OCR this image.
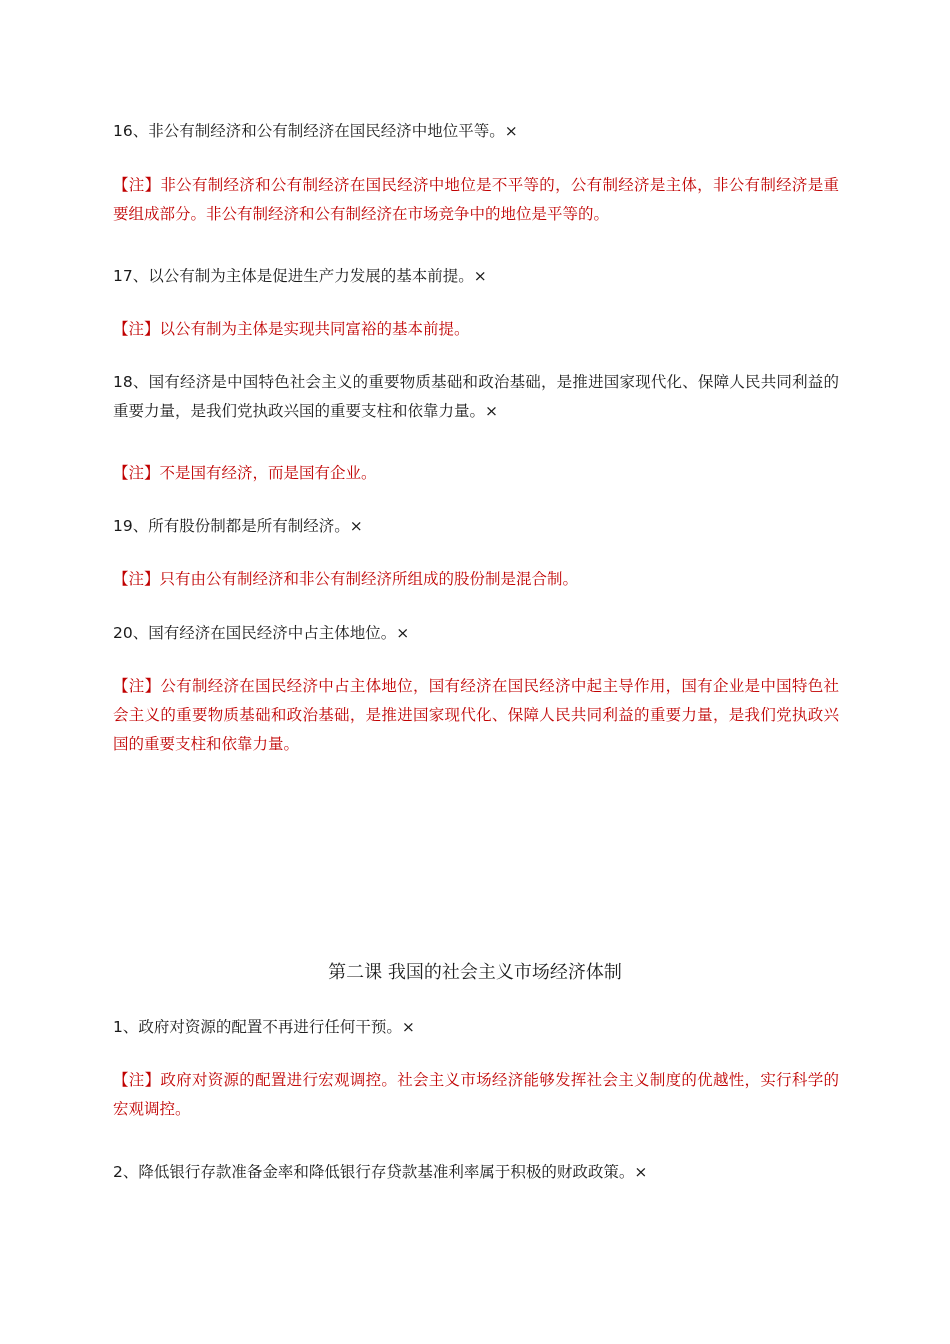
16、非公有制经济和公有制经济在国民经济中地位平等。×

【注】非公有制经济和公有制经济在国民经济中地位是不平等的，公有制经济是主体，非公有制经济是重要组成部分。非公有制经济和公有制经济在市场竞争中的地位是平等的。

17、以公有制为主体是促进生产力发展的基本前提。×

【注】以公有制为主体是实现共同富裕的基本前提。

18、国有经济是中国特色社会主义的重要物质基础和政治基础，是推进国家现代化、保障人民共同利益的重要力量，是我们党执政兴国的重要支柱和依靠力量。×

【注】不是国有经济，而是国有企业。

19、所有股份制都是所有制经济。×

【注】只有由公有制经济和非公有制经济所组成的股份制是混合制。

20、国有经济在国民经济中占主体地位。×

【注】公有制经济在国民经济中占主体地位，国有经济在国民经济中起主导作用，国有企业是中国特色社会主义的重要物质基础和政治基础，是推进国家现代化、保障人民共同利益的重要力量，是我们党执政兴国的重要支柱和依靠力量。

第二课 我国的社会主义市场经济体制

1、政府对资源的配置不再进行任何干预。×

【注】政府对资源的配置进行宏观调控。社会主义市场经济能够发挥社会主义制度的优越性，实行科学的宏观调控。

2、降低银行存款准备金率和降低银行存贷款基准利率属于积极的财政政策。×
